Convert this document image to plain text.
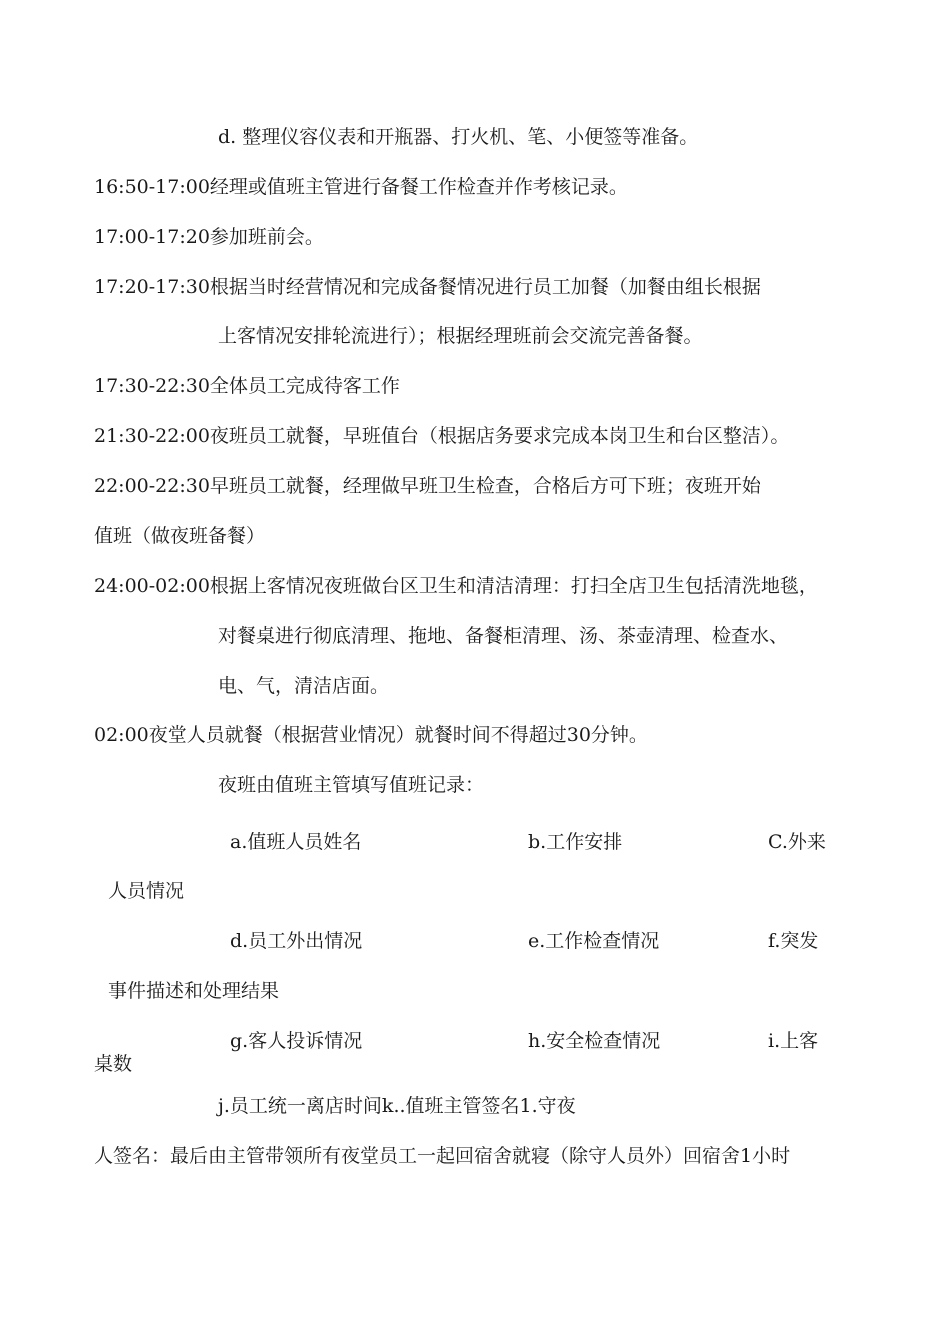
d. 整理仪容仪表和开瓶器、打火机、笔、小便签等准备。
16:50-17:00经理或值班主管进行备餐工作检查并作考核记录。
17:00-17:20参加班前会。
17:20-17:30根据当时经营情况和完成备餐情况进行员工加餐（加餐由组长根据
上客情况安排轮流进行）；根据经理班前会交流完善备餐。
17:30-22:30全体员工完成待客工作
21:30-22:00夜班员工就餐，早班值台（根据店务要求完成本岗卫生和台区整洁）。
22:00-22:30早班员工就餐，经理做早班卫生检查，合格后方可下班；夜班开始
值班（做夜班备餐）
24:00-02:00根据上客情况夜班做台区卫生和清洁清理：打扫全店卫生包括清洗地毯，
对餐桌进行彻底清理、拖地、备餐柜清理、汤、茶壶清理、检查水、
电、气，清洁店面。
02:00夜堂人员就餐（根据营业情况）就餐时间不得超过30分钟。
夜班由值班主管填写值班记录：
a.值班人员姓名	b.工作安排	C.外来
人员情况
d.员工外出情况	e.工作检查情况	f.突发
事件描述和处理结果
g.客人投诉情况	h.安全检查情况	i.上客
桌数
j.员工统一离店时间k..值班主管签名1.守夜
人签名：最后由主管带领所有夜堂员工一起回宿舍就寝（除守人员外）回宿舍1小时
